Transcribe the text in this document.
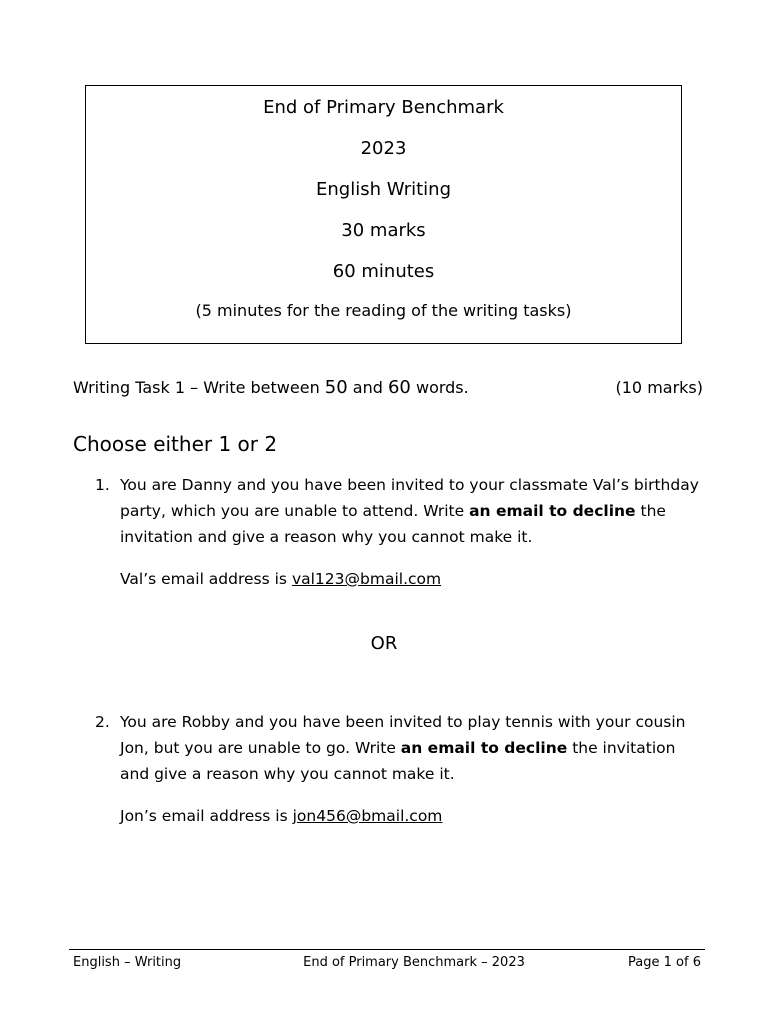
End of Primary Benchmark
2023
English Writing
30 marks
60 minutes
(5 minutes for the reading of the writing tasks)
Writing Task 1 – Write between 50 and 60 words.	(10 marks)
Choose either 1 or 2
1. You are Danny and you have been invited to your classmate Val’s birthday party, which you are unable to attend. Write an email to decline the invitation and give a reason why you cannot make it.
Val’s email address is val123@bmail.com
OR
2. You are Robby and you have been invited to play tennis with your cousin Jon, but you are unable to go. Write an email to decline the invitation and give a reason why you cannot make it.
Jon’s email address is jon456@bmail.com
English – Writing	End of Primary Benchmark – 2023	Page 1 of 6
